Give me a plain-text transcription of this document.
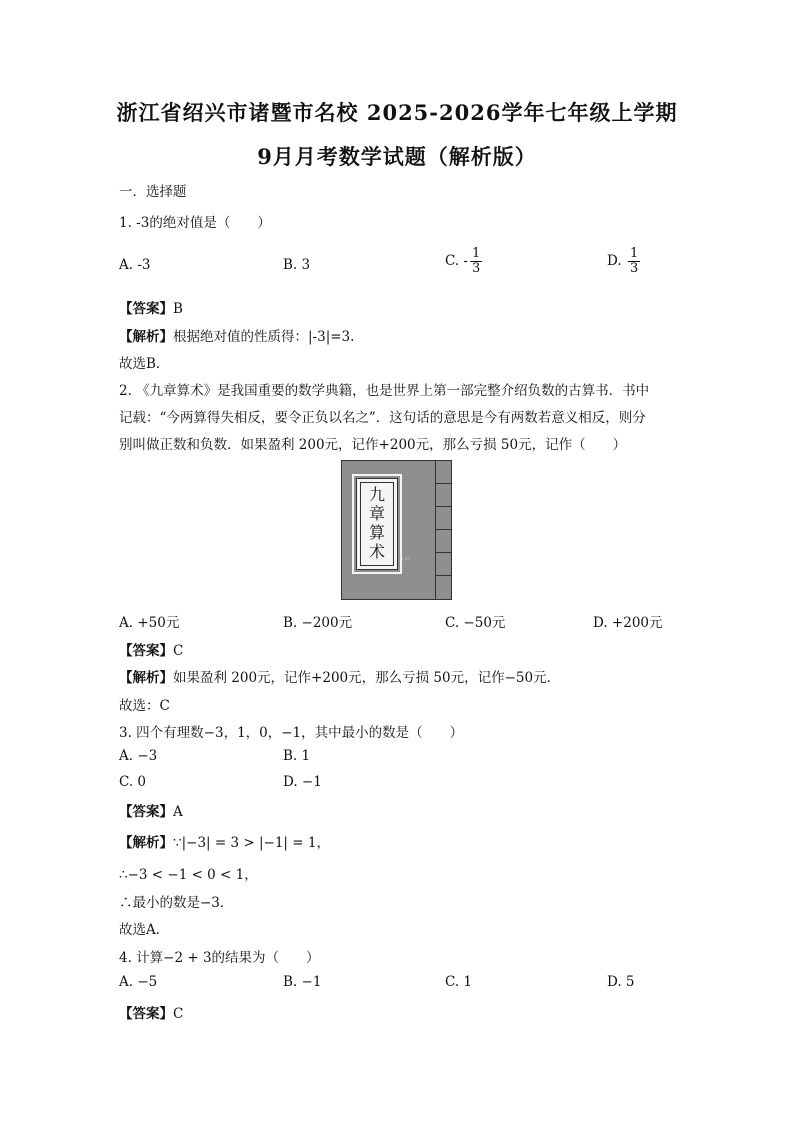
浙江省绍兴市诸暨市名校 2025-2026学年七年级上学期
9月月考数学试题（解析版）
一．选择题
1. -3的绝对值是（　　）
A. -3	B. 3	C. - $\frac{1}{3}$	D. $\frac{1}{3}$
【答案】B
【解析】根据绝对值的性质得：|-3|=3.
故选B．
2. 《九章算术》是我国重要的数学典籍，也是世界上第一部完整介绍负数的古算书．书中
记载：“今两算得失相反，要令正负以名之”．这句话的意思是今有两数若意义相反，则分
别叫做正数和负数．如果盈利 200元，记作+200元，那么亏损 50元，记作（　　）
九
章
算
术	▯ ▭
A. +50元	B. −200元	C. −50元	D. +200元
【答案】C
【解析】如果盈利 200元，记作+200元，那么亏损 50元，记作−50元．
故选：C
3. 四个有理数−3，1，0，−1，其中最小的数是（　　）
A. −3	B. 1
C. 0	D. −1
【答案】A
【解析】∵|−3| = 3 > |−1| = 1，
∴−3 < −1 < 0 < 1，
∴最小的数是−3．
故选A．
4. 计算−2 + 3的结果为（　　）
A. −5	B. −1	C. 1	D. 5
【答案】C
